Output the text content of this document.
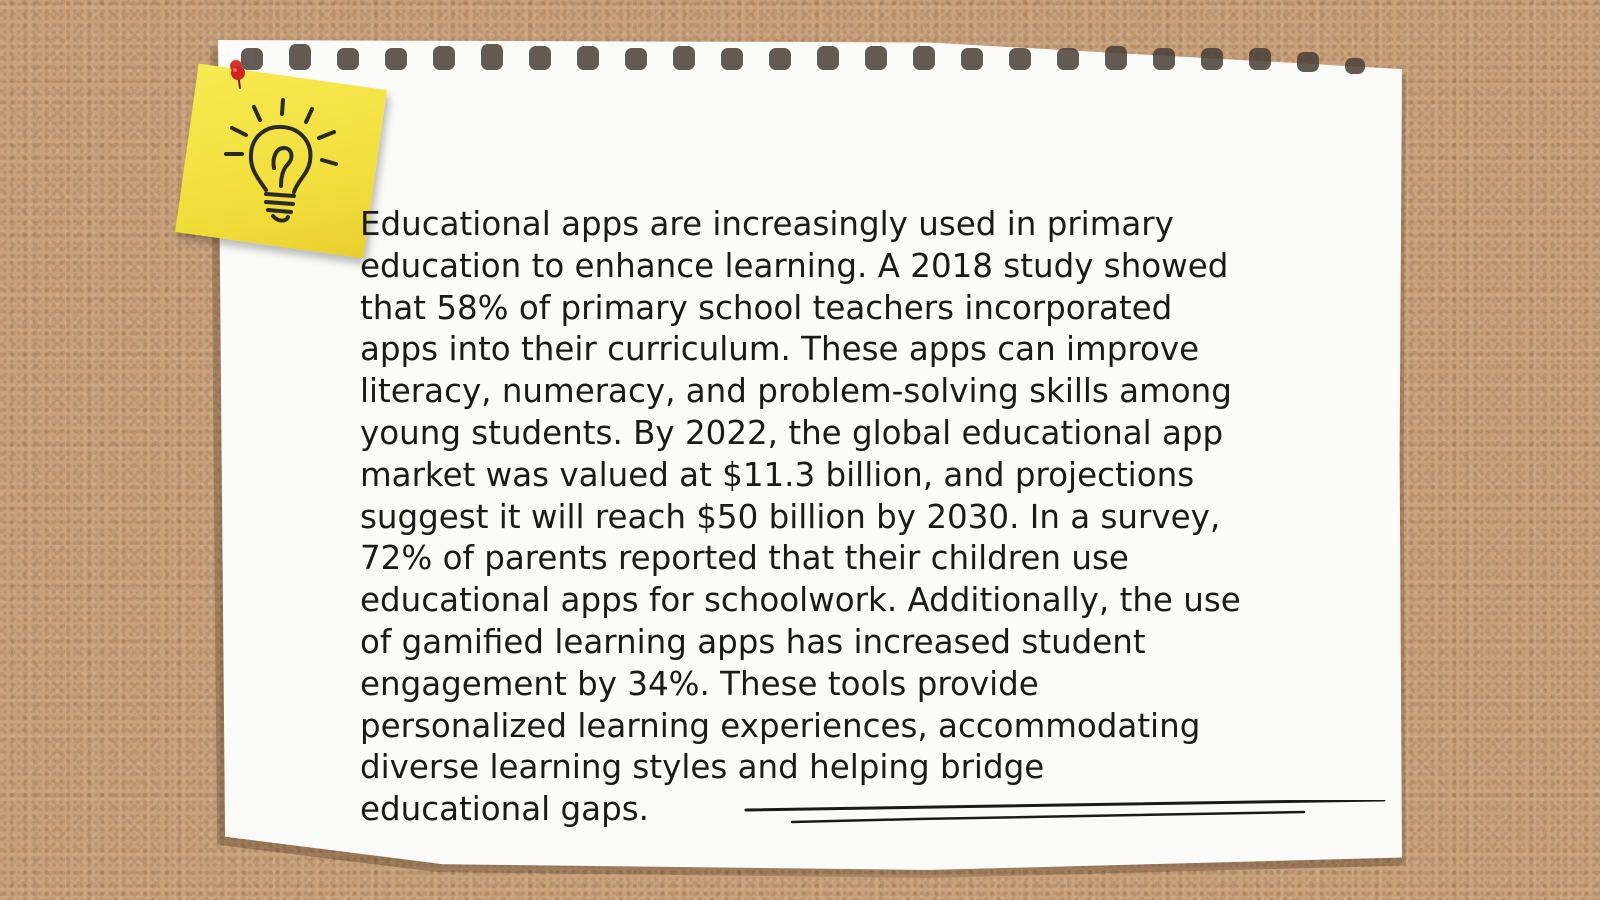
Educational apps are increasingly used in primary
education to enhance learning. A 2018 study showed
that 58% of primary school teachers incorporated
apps into their curriculum. These apps can improve
literacy, numeracy, and problem-solving skills among
young students. By 2022, the global educational app
market was valued at $11.3 billion, and projections
suggest it will reach $50 billion by 2030. In a survey,
72% of parents reported that their children use
educational apps for schoolwork. Additionally, the use
of gamified learning apps has increased student
engagement by 34%. These tools provide
personalized learning experiences, accommodating
diverse learning styles and helping bridge
educational gaps.
